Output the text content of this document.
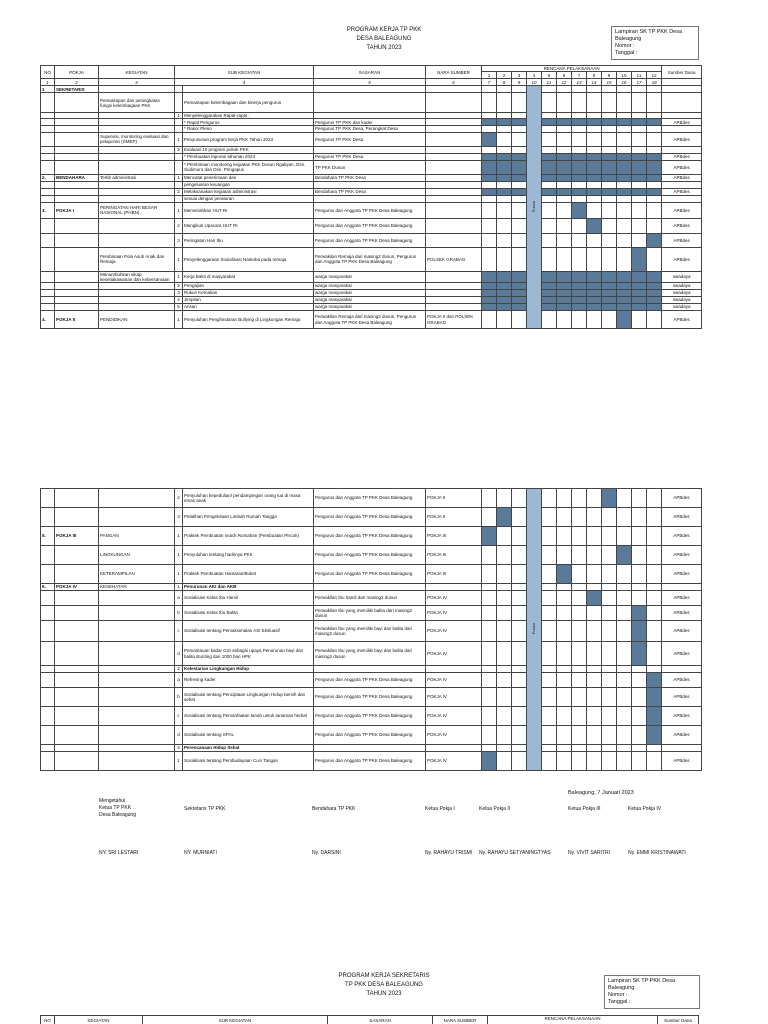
PROGRAM KERJA TP PKK
DESA BALEAGUNG
TAHUN 2023
Lampiran SK TP PKK Desa
Baleagung
Nomor :
Tanggal :
NO	POKJA	KEGIATAN	SUB KEGIATAN		SASARAN	NARA SUMBER	RENCANA PELAKSANAAN												Sumber Dana
							1	2	3	4	5	6	7	8	9	10	11	12	
1	2	3	4		5	6	7	8	9	10	11	12	13	14	15	16	17	18	
1	SEKRETARIS									Puasa									
		Pemantapan dan peningkatan fungsi kelembagaan PKK		Pemantapan kelembagaan dan kinerja pengurus															
			1	Menyelenggarakan Rapat-rapat :															
				* Rapat Pengurus	Pengurus TP PKK dan kader														APBdes
				* Rakor Pleno	Pengurus TP PKK Desa, Perangkat Desa														
		Supervisi, monitoring evaluasi dan pelaporan (SMEP)	1	Penyusunan program kerja PKK Tahun 2023	Pengurus TP PKK Desa														APBdes
			2	Evaluasi 10 program pokok PKK															
				* Pembuatan laporan tahunan 2023	Pengurus TP PKK Desa														APBdes
				* Pembinaan monitoring kegiatan PKK Dusun Ngaliyan, Dsn. Sudimoro dan Dsn. Pringapus	TP PKK Dusun														APBdes
2.	BENDAHARA	Tertib administrasi	1	Mencatat penerimaan dan	Bendahara TP PKK Desa														APBdes
				pengeluaran keuangan															
			2	Melaksanakan kegiatan administrasi	Bendahara TP PKK Desa														APBdes
				sesuai dengan peraturan															
3.	POKJA I	PERINGATAN HARI BESAR NASIONAL (PHBN)	1	Memeriahkan HUT RI	Pengurus dan Anggota TP PKK Desa Baleagung														APBdes
			2	Mengikuti Upacara HUT RI	Pengurus dan Anggota TP PKK Desa Baleagung														APBdes
			3	Peringatan Hari Ibu	Pengurus dan Anggota TP PKK Desa Baleagung														APBdes
		Pembinaan Pola Asuh Anak dan Remaja	1	Penyelenggaraan Sosialisasi Narkoba pada remaja	Perwakilan Remaja dari masing2 dusun, Pengurus dan Anggota TP PKK Desa Baleagung	POLSEK GRABAG													APBdes
		Menumbuhkan sikap kesetiakawanan dan kebersamaan	1	Kerja Bakti di masyarakat	warga masyarakat														swadaya
			2	Pengajian	warga masyarakat														swadaya
			3	Rukun Kematian	warga masyarakat														swadaya
			4	Jimpitan	warga masyarakat														swadaya
			5	Arisan	warga masyarakat														swadaya
4.	POKJA II	PENDIDIKAN	1	Penyuluhan Penghindaran Bullying di Lingkungan Remaja	Perwakilan Remaja dari masing2 dusun, Pengurus dan Anggota TP PKK Desa Baleagung	POKJA II dan POLSEK GRABAG													APBdes
			2	Penyuluhan kepedulian/ pendampingan orang tua di masa emas anak	Pengurus dan Anggota TP PKK Desa Baleagung	POKJA II				Puasa									APBdes
			3	Pelatihan Pengelolaan Limbah Rumah Tangga	Pengurus dan Anggota TP PKK Desa Baleagung	POKJA II													APBdes
5.	POKJA III	PANGAN	1	Praktek Pembuatan snack Rumahan (Pembuatan Piscok)	Pengurus dan Anggota TP PKK Desa Baleagung	POKJA III													APBdes
		LINGKUNGAN	1	Penyuluhan tentang hadirnya PKK	Pengurus dan Anggota TP PKK Desa Baleagung	POKJA III													APBdes
		KETERAMPILAN	1	Praktek Pembuatan Hantaran/Buket	Pengurus dan Anggota TP PKK Desa Baleagung	POKJA III													APBdes
6.	POKJA IV	KESEHATAN	1	Penurunan AKI dan AKB															
			a	Sosialisasi Kelas Ibu Hamil	Perwakilan Ibu hamil dari masing2 dusun	POKJA IV													APBdes
			b	Sosialisasi Kelas Ibu Balita	Perwakilan Ibu yang memiliki balita dari masing2 dusun	POKJA IV													APBdes
			c	Sosialisasi tentang Pemaksimalan ASI Eksluasif	Perwakilan Ibu yang memiliki bayi dan balita dari masing2 dusun	POKJA IV													APBdes
			d	Pemantauan kadar Gizi sebagai upaya Penurunan bayi dan balita stunting dan 1000 hari HPK	Perwakilan Ibu yang memiliki bayi dan balita dari masing2 dusun	POKJA IV													APBdes
			2	Kelestarian Lingkungan Hidup															
			a	Refresing kader	Pengurus dan Anggota TP PKK Desa Baleagung	POKJA IV													APBdes
			b	Sosialisasi tentang Penciptaan Lingkungan Hidup bersih dan sehat	Pengurus dan Anggota TP PKK Desa Baleagung	POKJA IV													APBdes
			c	Sosialisasi tentang Pemanfaatan tanah untuk tanaman herbal	Pengurus dan Anggota TP PKK Desa Baleagung	POKJA IV													APBdes
			d	Sosialisasi tentang SPAL	Pengurus dan Anggota TP PKK Desa Baleagung	POKJA IV													APBdes
			3	Perencanaan Hidup Sehat															
			1	Sosialisasi tentang Pembudayaan Cuci Tangan	Pengurus dan Anggota TP PKK Desa Baleagung	POKJA IV													APBdes
Baleagung, 7 Januari 2023
Mengetahui
Ketua TP PKK
Desa Baleagung
NY. SRI LESTARI
Sekretaris TP PKK
NY. MURNIATI
Bendahara TP PKK
Ny. DARSINI
Ketua Pokja I
Ny. RAHAYU TRISMI
Ketua Pokja II
Ny. RAHAYU SETYANINGTYAS
Ketua Pokja III
Ny. VIVIT SARITRI
Ketua Pokja IV
Ny. EMMI KRISTINAWATI
PROGRAM KERJA SEKRETARIS
TP PKK DESA BALEAGUNG
TAHUN 2023
Lampiran SK TP PKK Desa
Baleagung
Nomor :
Tanggal :
NO	KEGIATAN	SUB KEGIATAN	SASARAN	NARA SUMBER	RENCANA PELAKSANAAN	Sumber Dana
